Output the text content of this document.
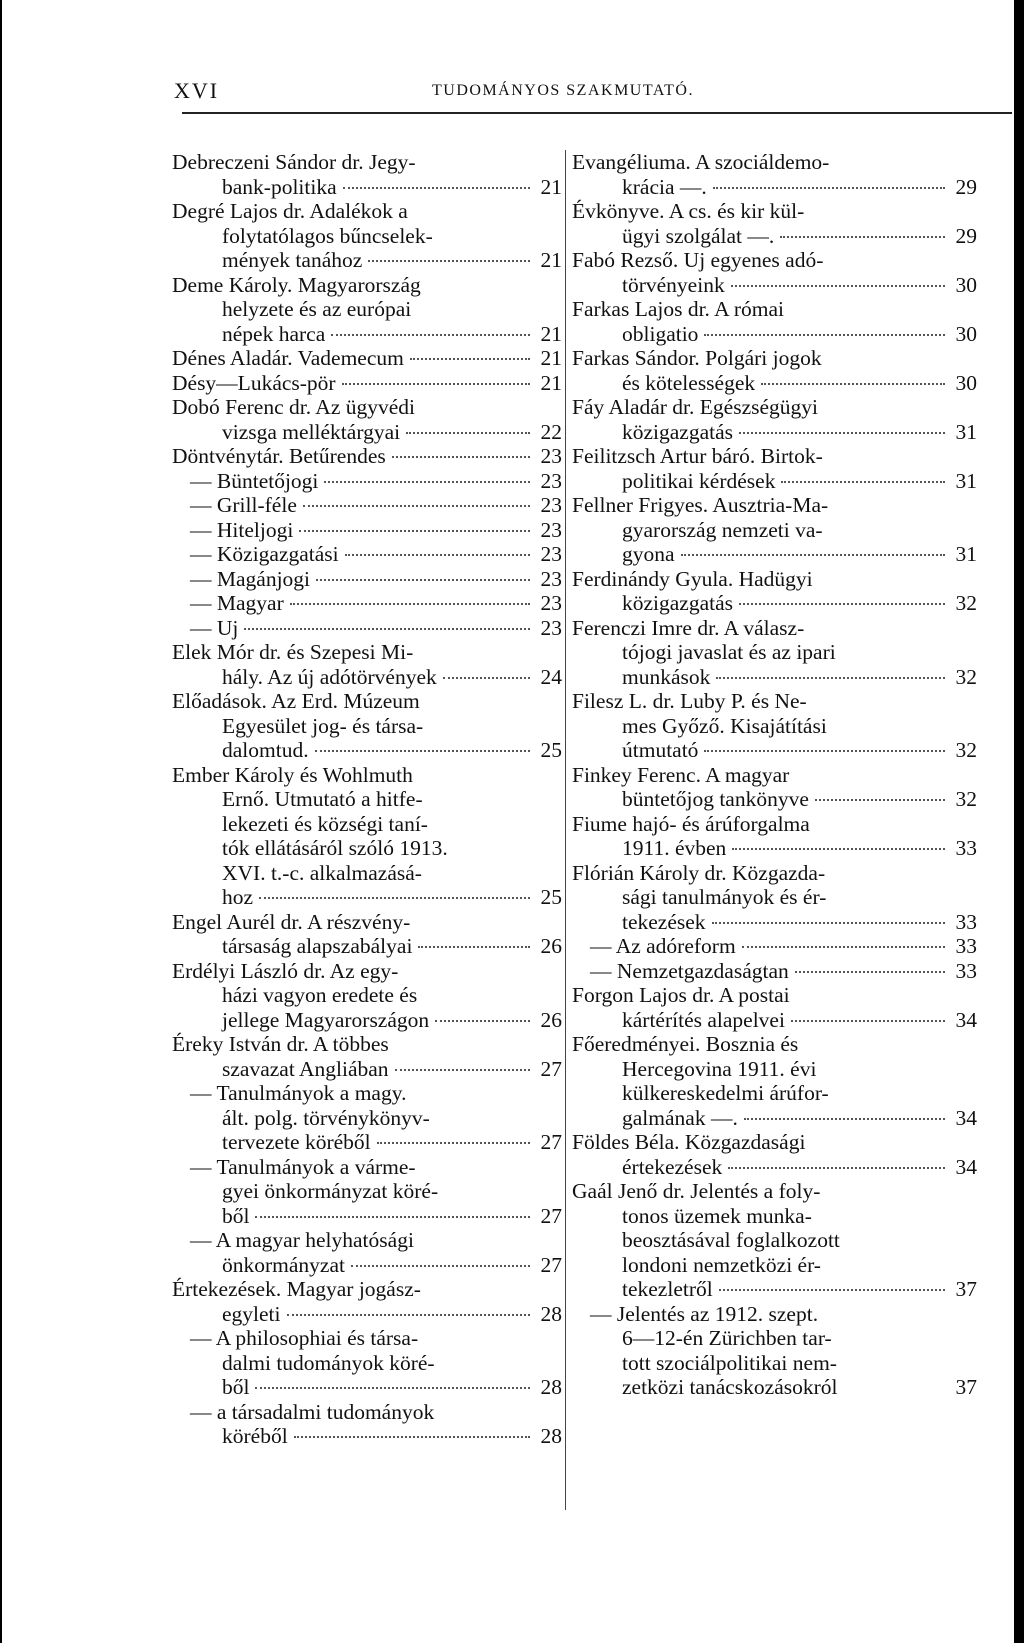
XVI	TUDOMÁNYOS SZAKMUTATÓ.
Debreczeni Sándor dr. Jegy-
bank-politika	21
Degré Lajos dr. Adalékok a
folytatólagos bűncselek-
mények tanához	21
Deme Károly. Magyarország
helyzete és az európai
népek harca	21
Dénes Aladár. Vademecum	21
Désy—Lukács-pör	21
Dobó Ferenc dr. Az ügyvédi
vizsga melléktárgyai	22
Döntvénytár. Betűrendes	23
— Büntetőjogi	23
— Grill-féle	23
— Hiteljogi	23
— Közigazgatási	23
— Magánjogi	23
— Magyar	23
— Uj	23
Elek Mór dr. és Szepesi Mi-
hály. Az új adótörvények	24
Előadások. Az Erd. Múzeum
Egyesület jog- és társa-
dalomtud.	25
Ember Károly és Wohlmuth
Ernő. Utmutató a hitfe-
lekezeti és községi taní-
tók ellátásáról szóló 1913.
XVI. t.-c. alkalmazásá-
hoz	25
Engel Aurél dr. A részvény-
társaság alapszabályai	26
Erdélyi László dr. Az egy-
házi vagyon eredete és
jellege Magyarországon	26
Éreky István dr. A többes
szavazat Angliában	27
— Tanulmányok a magy.
ált. polg. törvénykönyv-
tervezete köréből	27
— Tanulmányok a várme-
gyei önkormányzat köré-
ből	27
— A magyar helyhatósági
önkormányzat	27
Értekezések. Magyar jogász-
egyleti	28
— A philosophiai és társa-
dalmi tudományok köré-
ből	28
— a társadalmi tudományok
köréből	28
Evangéliuma. A szociáldemo-
krácia —.	29
Évkönyve. A cs. és kir kül-
ügyi szolgálat —.	29
Fabó Rezső. Uj egyenes adó-
törvényeink	30
Farkas Lajos dr. A római
obligatio	30
Farkas Sándor. Polgári jogok
és kötelességek	30
Fáy Aladár dr. Egészségügyi
közigazgatás	31
Feilitzsch Artur báró. Birtok-
politikai kérdések	31
Fellner Frigyes. Ausztria-Ma-
gyarország nemzeti va-
gyona	31
Ferdinándy Gyula. Hadügyi
közigazgatás	32
Ferenczi Imre dr. A válasz-
tójogi javaslat és az ipari
munkások	32
Filesz L. dr. Luby P. és Ne-
mes Győző. Kisajátítási
útmutató	32
Finkey Ferenc. A magyar
büntetőjog tankönyve	32
Fiume hajó- és árúforgalma
1911. évben	33
Flórián Károly dr. Közgazda-
sági tanulmányok és ér-
tekezések	33
— Az adóreform	33
— Nemzetgazdaságtan	33
Forgon Lajos dr. A postai
kártérítés alapelvei	34
Főeredményei. Bosznia és
Hercegovina 1911. évi
külkereskedelmi árúfor-
galmának —.	34
Földes Béla. Közgazdasági
értekezések	34
Gaál Jenő dr. Jelentés a foly-
tonos üzemek munka-
beosztásával foglalkozott
londoni nemzetközi ér-
tekezletről	37
— Jelentés az 1912. szept.
6—12-én Zürichben tar-
tott szociálpolitikai nem-
zetközi tanácskozásokról	37
